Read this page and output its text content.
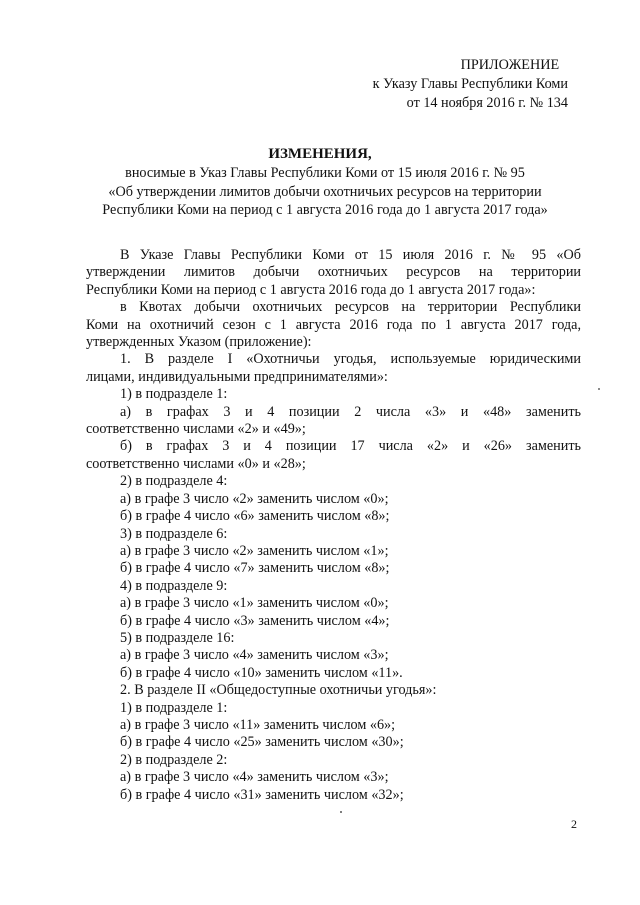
ПРИЛОЖЕНИЕ
к Указу Главы Республики Коми
от 14 ноября 2016 г. № 134
ИЗМЕНЕНИЯ,
вносимые в Указ Главы Республики Коми от 15 июля 2016 г. № 95
«Об утверждении лимитов добычи охотничьих ресурсов на территории
Республики Коми на период с 1 августа 2016 года до 1 августа 2017 года»

В Указе Главы Республики Коми от 15 июля 2016 г. № 95 «Об

утверждении лимитов добычи охотничьих ресурсов на территории

Республики Коми на период с 1 августа 2016 года до 1 августа 2017 года»:

в Квотах добычи охотничьих ресурсов на территории Республики

Коми на охотничий сезон с 1 августа 2016 года по 1 августа 2017 года,

утвержденных Указом (приложение):

1. В разделе I «Охотничьи угодья, используемые юридическими

лицами, индивидуальными предпринимателями»:

1) в подразделе 1:

а) в графах 3 и 4 позиции 2 числа «3» и «48» заменить

соответственно числами «2» и «49»;

б) в графах 3 и 4 позиции 17 числа «2» и «26» заменить

соответственно числами «0» и «28»;

2) в подразделе 4:

а) в графе 3 число «2» заменить числом «0»;

б) в графе 4 число «6» заменить числом «8»;

3) в подразделе 6:

а) в графе 3 число «2» заменить числом «1»;

б) в графе 4 число «7» заменить числом «8»;

4) в подразделе 9:

а) в графе 3 число «1» заменить числом «0»;

б) в графе 4 число «3» заменить числом «4»;

5) в подразделе 16:

а) в графе 3 число «4» заменить числом «3»;

б) в графе 4 число «10» заменить числом «11».

2. В разделе II «Общедоступные охотничьи угодья»:

1) в подразделе 1:

а) в графе 3 число «11» заменить числом «6»;

б) в графе 4 число «25» заменить числом «30»;

2) в подразделе 2:

а) в графе 3 число «4» заменить числом «3»;

б) в графе 4 число «31» заменить числом «32»;

2
